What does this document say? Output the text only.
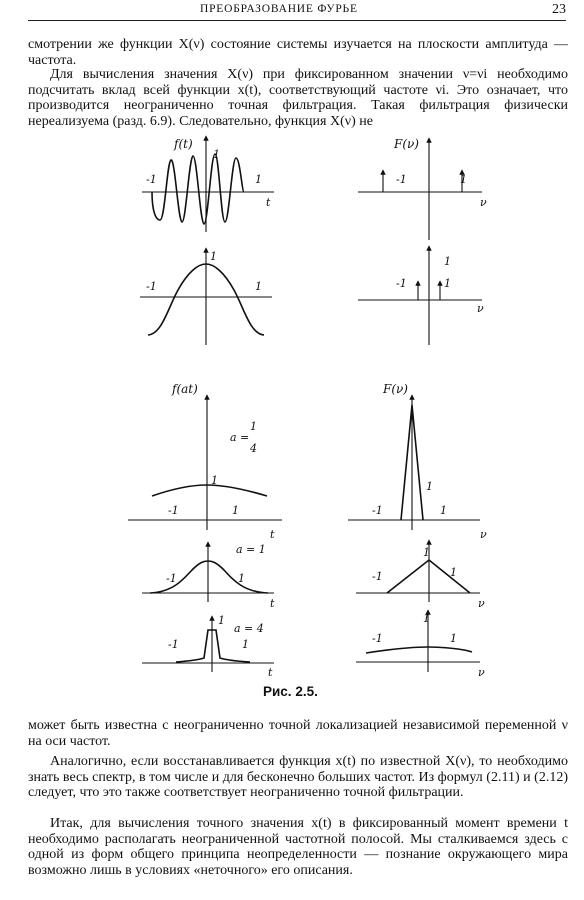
ПРЕОБРАЗОВАНИЕ ФУРЬЕ	23

смотрении же функции X(ν) состояние системы изучается на плоскости амплитуда — частота.

Для вычисления значения X(ν) при фиксированном значении ν=νi необходимо подсчитать вклад всей функции x(t), соответствующий частоте νi. Это означает, что производится неограниченно точная фильтрация. Такая фильтрация физически нереализуема (разд. 6.9). Следовательно, функция X(ν) не

f(t)
-1	1
1
t
F(ν)
-1	1
ν
1
-1	1	-1
1
1
ν
f(at)
a =
1
4
1
-1	1
t
F(ν)
1
-1	1
ν
a = 1
-1	1
t
1
-1	1
ν
a = 4
1
-1	1
t
1
-1	1
ν
Рис. 2.5.

может быть известна с неограниченно точной локализацией независимой переменной ν на оси частот.

Аналогично, если восстанавливается функция x(t) по известной X(ν), то необходимо знать весь спектр, в том числе и для бесконечно больших частот. Из формул (2.11) и (2.12) следует, что это также соответствует неограниченно точной фильтрации.

Итак, для вычисления точного значения x(t) в фиксированный момент времени t необходимо располагать неограниченной частотной полосой. Мы сталкиваемся здесь с одной из форм общего принципа неопределенности — познание окружающего мира возможно лишь в условиях «неточного» его описания.
